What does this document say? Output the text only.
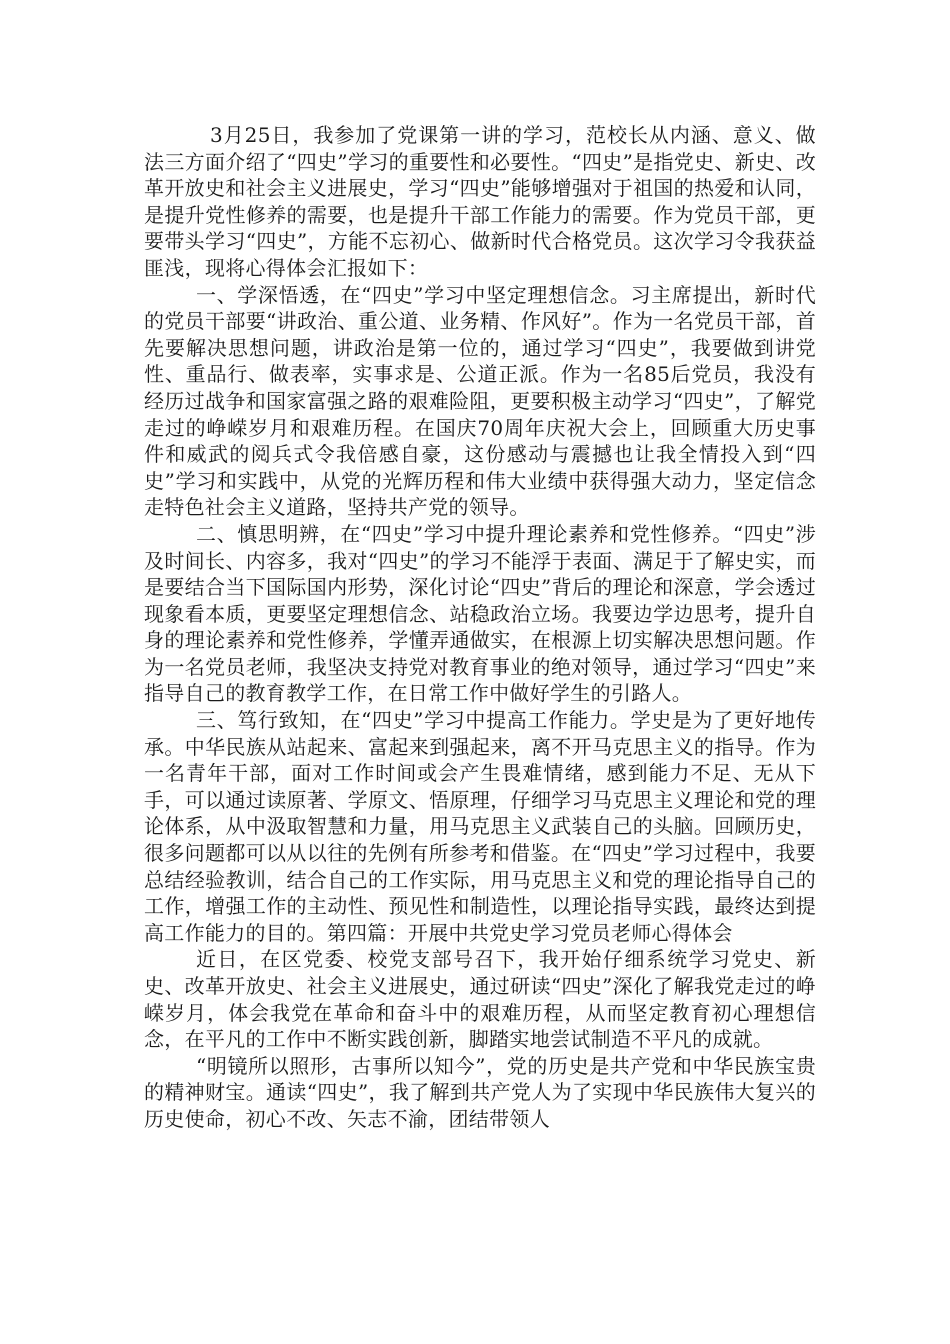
3月25日，我参加了党课第一讲的学习，范校长从内涵、意义、做法三方面介绍了“四史”学习的重要性和必要性。“四史”是指党史、新史、改革开放史和社会主义进展史，学习“四史”能够增强对于祖国的热爱和认同，是提升党性修养的需要，也是提升干部工作能力的需要。作为党员干部，更要带头学习“四史”，方能不忘初心、做新时代合格党员。这次学习令我获益匪浅，现将心得体会汇报如下：

一、学深悟透，在“四史”学习中坚定理想信念。习主席提出，新时代的党员干部要“讲政治、重公道、业务精、作风好”。作为一名党员干部，首先要解决思想问题，讲政治是第一位的，通过学习“四史”，我要做到讲党性、重品行、做表率，实事求是、公道正派。作为一名85后党员，我没有经历过战争和国家富强之路的艰难险阻，更要积极主动学习“四史”，了解党走过的峥嵘岁月和艰难历程。在国庆70周年庆祝大会上，回顾重大历史事件和威武的阅兵式令我倍感自豪，这份感动与震撼也让我全情投入到“四史”学习和实践中，从党的光辉历程和伟大业绩中获得强大动力，坚定信念走特色社会主义道路，坚持共产党的领导。

二、慎思明辨，在“四史”学习中提升理论素养和党性修养。“四史”涉及时间长、内容多，我对“四史”的学习不能浮于表面、满足于了解史实，而是要结合当下国际国内形势，深化讨论“四史”背后的理论和深意，学会透过现象看本质，更要坚定理想信念、站稳政治立场。我要边学边思考，提升自身的理论素养和党性修养，学懂弄通做实，在根源上切实解决思想问题。作为一名党员老师，我坚决支持党对教育事业的绝对领导，通过学习“四史”来指导自己的教育教学工作，在日常工作中做好学生的引路人。

三、笃行致知，在“四史”学习中提高工作能力。学史是为了更好地传承。中华民族从站起来、富起来到强起来，离不开马克思主义的指导。作为一名青年干部，面对工作时间或会产生畏难情绪，感到能力不足、无从下手，可以通过读原著、学原文、悟原理，仔细学习马克思主义理论和党的理论体系，从中汲取智慧和力量，用马克思主义武装自己的头脑。回顾历史，很多问题都可以从以往的先例有所参考和借鉴。在“四史”学习过程中，我要总结经验教训，结合自己的工作实际，用马克思主义和党的理论指导自己的工作，增强工作的主动性、预见性和制造性，以理论指导实践，最终达到提高工作能力的目的。第四篇：开展中共党史学习党员老师心得体会

近日，在区党委、校党支部号召下，我开始仔细系统学习党史、新史、改革开放史、社会主义进展史，通过研读“四史”深化了解我党走过的峥嵘岁月，体会我党在革命和奋斗中的艰难历程，从而坚定教育初心理想信念，在平凡的工作中不断实践创新，脚踏实地尝试制造不平凡的成就。

“明镜所以照形，古事所以知今”，党的历史是共产党和中华民族宝贵的精神财宝。通读“四史”，我了解到共产党人为了实现中华民族伟大复兴的历史使命，初心不改、矢志不渝，团结带领人
